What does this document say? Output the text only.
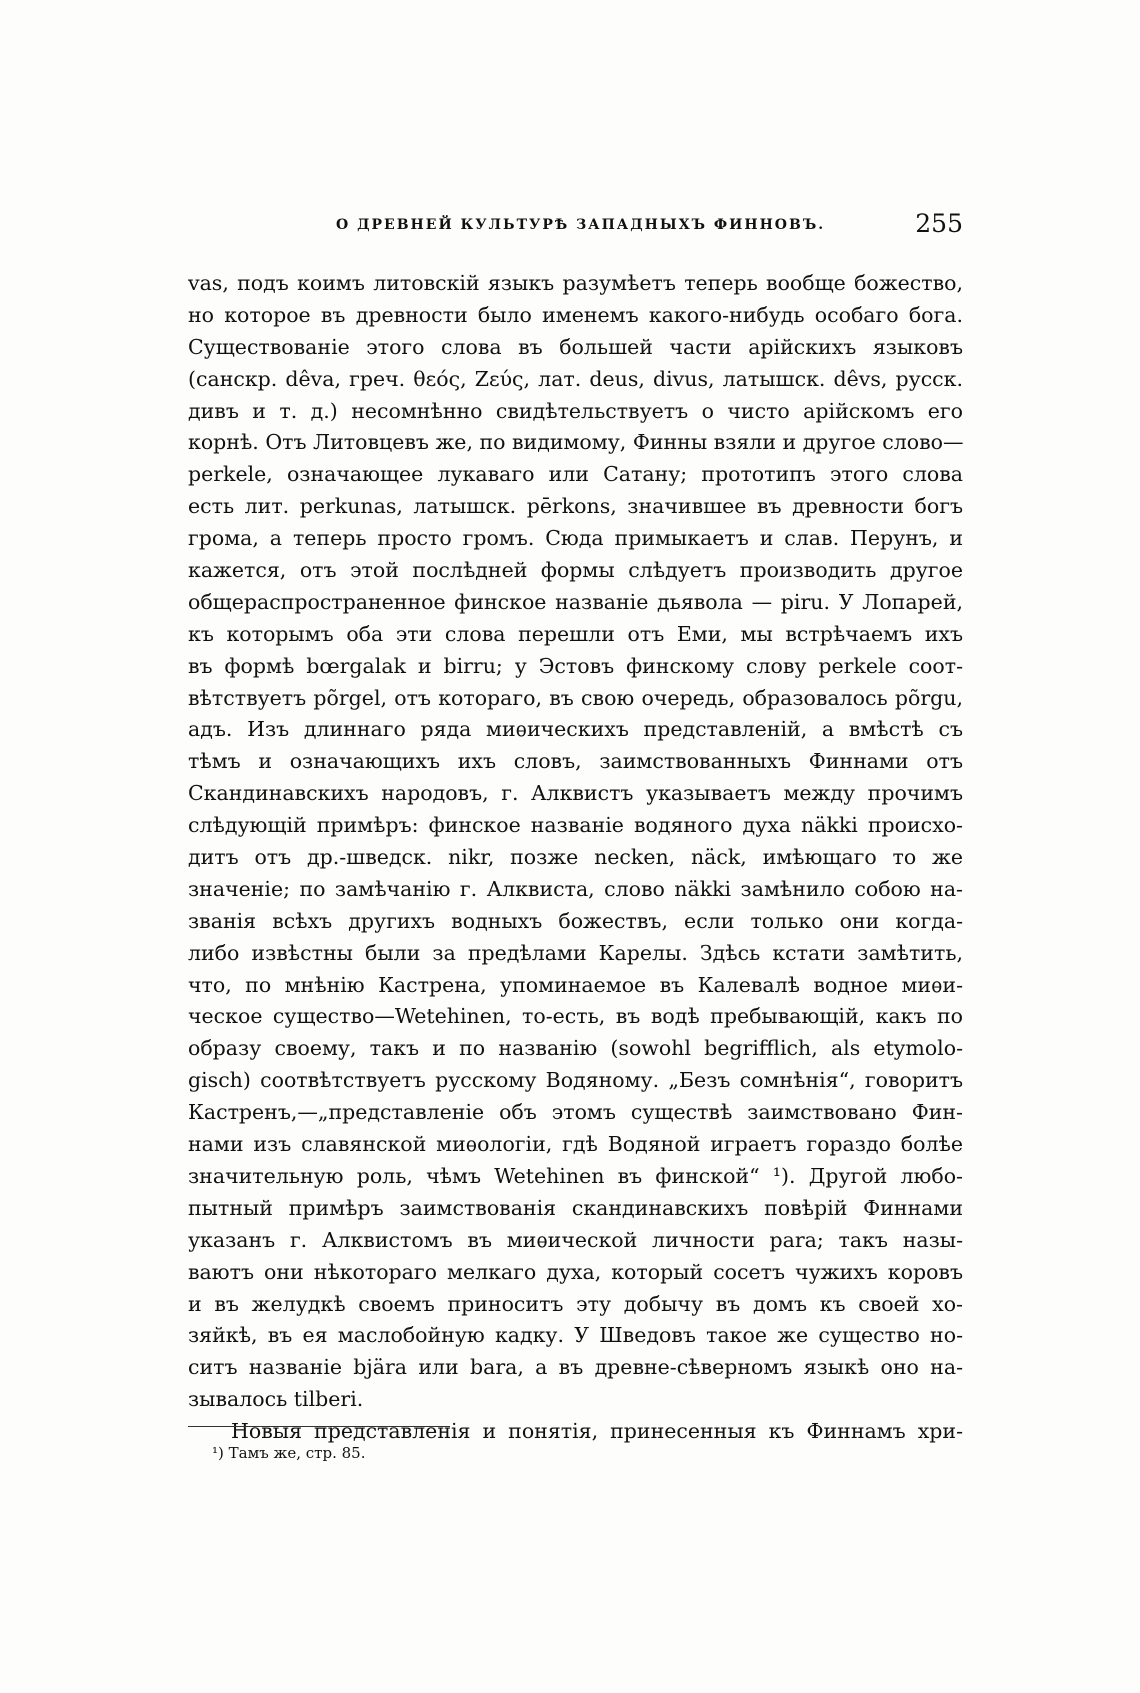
О ДРЕВНЕЙ КУЛЬТУРѢ ЗАПАДНЫХЪ ФИННОВЪ.	255
vas, подъ коимъ литовскій языкъ разумѣетъ теперь вообще божество,
но которое въ древности было именемъ какого-нибудь особаго бога.
Существованіе этого слова въ большей части арійскихъ языковъ
(санскр. dêva, греч. θεός, Ζεύς, лат. deus, divus, латышск. dêvs, русск.
дивъ и т. д.) несомнѣнно свидѣтельствуетъ о чисто арійскомъ его
корнѣ. Отъ Литовцевъ же, по видимому, Финны взяли и другое слово—
perkele, означающее лукаваго или Сатану; прототипъ этого слова
есть лит. perkunas, латышск. pērkons, значившее въ древности богъ
грома, а теперь просто громъ. Сюда примыкаетъ и слав. Перунъ, и
кажется, отъ этой послѣдней формы слѣдуетъ производить другое
общераспространенное финское названіе дьявола — piru. У Лопарей,
къ которымъ оба эти слова перешли отъ Еми, мы встрѣчаемъ ихъ
въ формѣ bœrgalak и birru; у Эстовъ финскому слову perkele соот-
вѣтствуетъ põrgel, отъ котораго, въ свою очередь, образовалось põrgu,
адъ. Изъ длиннаго ряда миѳическихъ представленій, а вмѣстѣ съ
тѣмъ и означающихъ ихъ словъ, заимствованныхъ Финнами отъ
Скандинавскихъ народовъ, г. Алквистъ указываетъ между прочимъ
слѣдующій примѣръ: финское названіе водяного духа näkki происхо-
дитъ отъ др.-шведск. nikr, позже necken, näck, имѣющаго то же
значеніе; по замѣчанію г. Алквиста, слово näkki замѣнило собою на-
званія всѣхъ другихъ водныхъ божествъ, если только они когда-
либо извѣстны были за предѣлами Карелы. Здѣсь кстати замѣтить,
что, по мнѣнію Кастрена, упоминаемое въ Калевалѣ водное миѳи-
ческое существо—Wetehinen, то-есть, въ водѣ пребывающій, какъ по
образу своему, такъ и по названію (sowohl begrifflich, als etymolo-
gisch) соотвѣтствуетъ русскому Водяному. „Безъ сомнѣнія“, говоритъ
Кастренъ,—„представленіе объ этомъ существѣ заимствовано Фин-
нами изъ славянской миѳологіи, гдѣ Водяной играетъ гораздо болѣе
значительную роль, чѣмъ Wetehinen въ финской“ ¹). Другой любо-
пытный примѣръ заимствованія скандинавскихъ повѣрій Финнами
указанъ г. Алквистомъ въ миѳической личности para; такъ назы-
ваютъ они нѣкотораго мелкаго духа, который сосетъ чужихъ коровъ
и въ желудкѣ своемъ приноситъ эту добычу въ домъ къ своей хо-
зяйкѣ, въ ея маслобойную кадку. У Шведовъ такое же существо но-
ситъ названіе bjära или bara, а въ древне-сѣверномъ языкѣ оно на-
зывалось tilberi.
Новыя представленія и понятія, принесенныя къ Финнамъ хри-
¹) Тамъ же, стр. 85.
